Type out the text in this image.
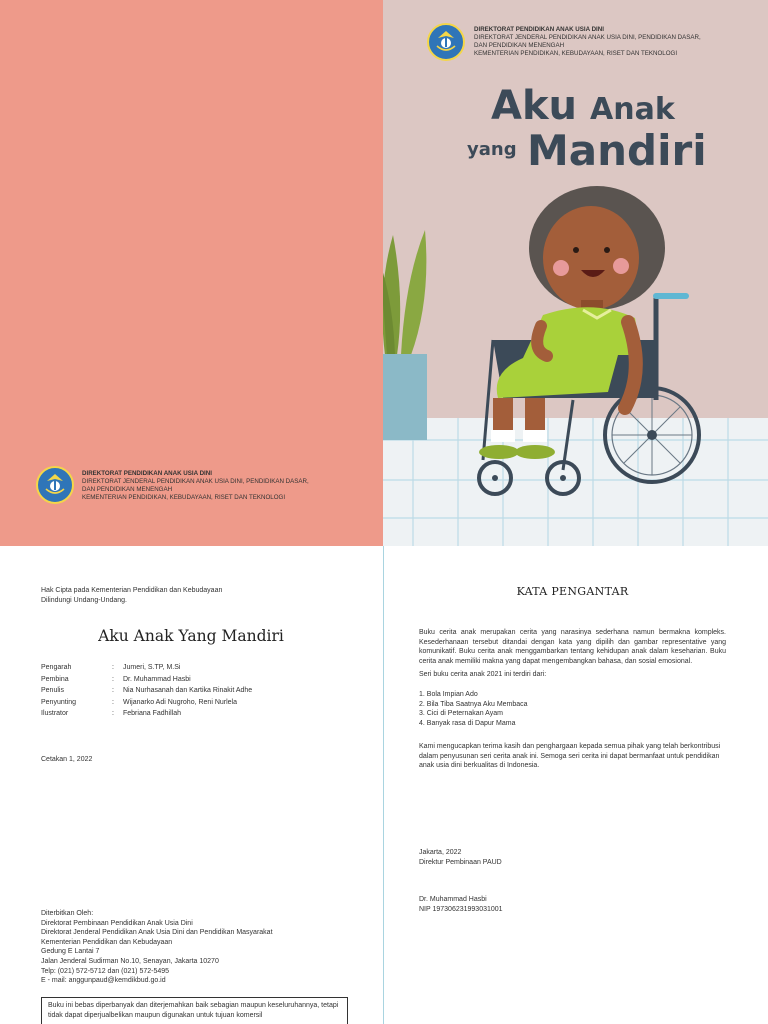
DIREKTORAT PENDIDIKAN ANAK USIA DINI
DIREKTORAT JENDERAL PENDIDIKAN ANAK USIA DINI, PENDIDIKAN DASAR,
DAN PENDIDIKAN MENENGAH
KEMENTERIAN PENDIDIKAN, KEBUDAYAAN, RISET DAN TEKNOLOGI
DIREKTORAT PENDIDIKAN ANAK USIA DINI
DIREKTORAT JENDERAL PENDIDIKAN ANAK USIA DINI, PENDIDIKAN DASAR,
DAN PENDIDIKAN MENENGAH
KEMENTERIAN PENDIDIKAN, KEBUDAYAAN, RISET DAN TEKNOLOGI
Aku Anak
yang Mandiri
Hak Cipta pada Kementerian Pendidikan dan Kebudayaan
Dilindungi Undang-Undang.
Aku Anak Yang Mandiri
Pengarah	:	Jumeri, S.TP, M.Si
Pembina	:	Dr. Muhammad Hasbi
Penulis	:	Nia Nurhasanah dan Kartika Rinakit Adhe
Penyunting	:	Wijanarko Adi Nugroho, Reni Nurlela
Ilustrator	:	Febriana Fadhillah
Cetakan 1, 2022
Diterbitkan Oleh:
Direktorat Pembinaan Pendidikan Anak Usia Dini
Direktorat Jenderal Pendidikan Anak Usia Dini dan Pendidikan Masyarakat
Kementerian Pendidikan dan Kebudayaan
Gedung E Lantai 7
Jalan Jenderal Sudirman No.10, Senayan, Jakarta 10270
Telp: (021) 572-5712 dan (021) 572-5495
E - mail: anggunpaud@kemdikbud.go.id
Buku ini bebas diperbanyak dan diterjemahkan baik sebagian maupun keseluruhannya, tetapi tidak dapat diperjualbelikan maupun digunakan untuk tujuan komersil
KATA PENGANTAR
Buku cerita anak merupakan cerita yang narasinya sederhana namun bermakna kompleks. Kesederhanaan tersebut ditandai dengan kata yang dipilih dan gambar representative yang komunikatif. Buku cerita anak menggambarkan tentang kehidupan anak dalam keseharian. Buku cerita anak memiliki makna yang dapat mengembangkan bahasa, dan sosial emosional.
Seri buku cerita anak 2021 ini terdiri dari:
1. Bola Impian Ado
2. Bila Tiba Saatnya Aku Membaca
3. Cici di Peternakan Ayam
4. Banyak rasa di Dapur Mama
Kami mengucapkan terima kasih dan penghargaan kepada semua pihak yang telah berkontribusi dalam penyusunan seri cerita anak ini. Semoga seri cerita ini dapat bermanfaat untuk pendidikan anak usia dini berkualitas di Indonesia.
Jakarta, 2022
Direktur Pembinaan PAUD
Dr. Muhammad Hasbi
NIP 197306231993031001
